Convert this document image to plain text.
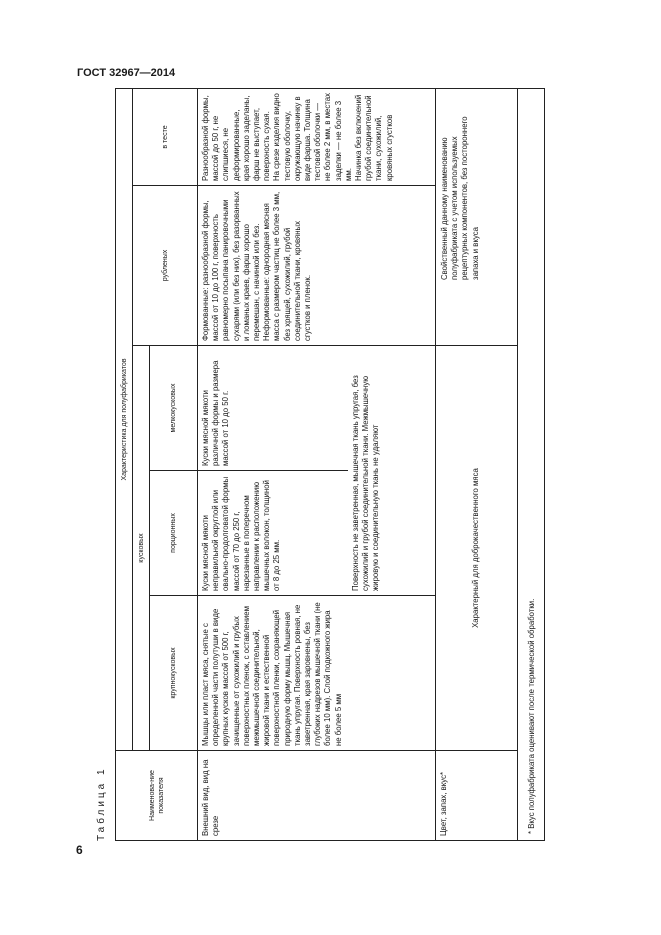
ГОСТ 32967—2014
Таблица 1	Наименова-ние показателя
Характеристика для полуфабрикатов
кусковых
крупнокусковых
порционных
мелкокусковых
рубленых
в тесте
Внешний вид, вид на срезе
Мышцы или пласт мяса, снятые с определенной части полутуши в виде крупных кусков массой от 500 г, зачищенные от сухожилий и грубых поверхностных пленок, с оставлением межмышечной соединительной, жировой ткани и естественной поверхностной пленки, сохраняющей природную форму мышц. Мышечная ткань упругая. Поверхность ровная, не заветренная, края заровнены, без глубоких надрезов мышечной ткани (не более 10 мм). Слой подкожного жира не более 5 мм
Куски мясной мякоти неправильной округлой или овально-продолговатой формы массой от 70 до 250 г, нарезанные в поперечном направлении к расположению мышечных волокон, толщиной от 8 до 25 мм.
Куски мясной мякоти различной формы и размера массой от 10 до 50 г.	Поверхность не заветренная, мышечная ткань упругая, без сухожилий и грубой соединительной ткани. Межмышечную жировую и соединительную ткань не удаляют
Формованные: разнообразной формы, массой от 10 до 100 г, поверхность равномерно посыпана панировочными сухарями (или без них), без разорванных и ломаных краев, фарш хорошо перемешан, с начинкой или без. Неформованные: однородная мясная масса с размером частиц не более 3 мм, без хрящей, сухожилий, грубой соединительной ткани, кровяных сгустков и пленок.
Разнообразной формы, массой до 50 г, не слипшиеся, не деформированные, края хорошо заделаны, фарш не выступает, поверхность сухая. На срезе изделия видно тестовую оболочку, окружающую начинку в виде фарша. Толщина тестовой оболочки — не более 2 мм, в местах заделки — не более 3 мм. Начинка без включений грубой соединительной ткани, сухожилий, кровяных сгустков
Цвет, запах, вкус*
Характерный для доброкачественного мяса
Свойственный данному наименованию полуфабриката с учетом используемых рецептурных компонентов, без постороннего запаха и вкуса
* Вкус полуфабриката оценивают после термической обработки.
6
